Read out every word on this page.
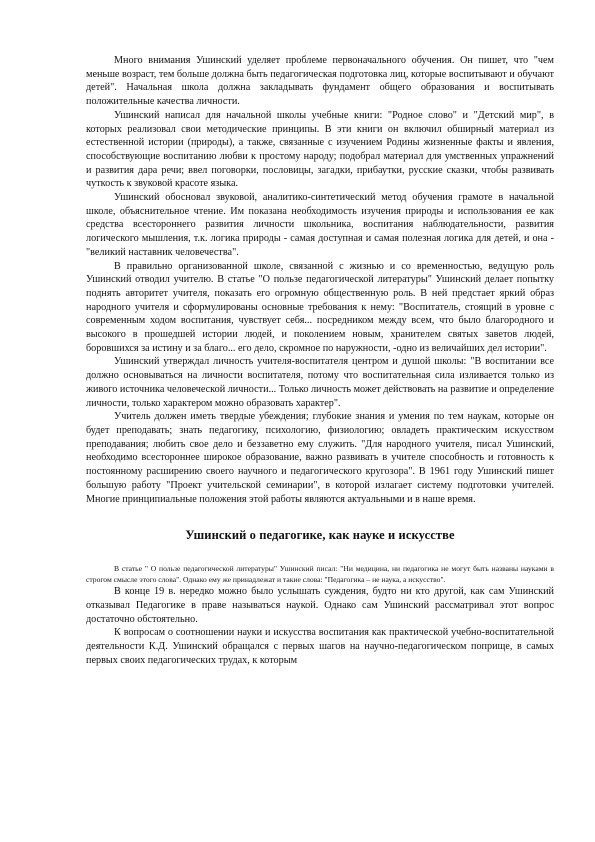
Много внимания Ушинский уделяет проблеме первоначального обучения. Он пишет, что "чем меньше возраст, тем больше должна быть педагогическая подготовка лиц, которые воспитывают и обучают детей". Начальная школа должна закладывать фундамент общего образования и воспитывать положительные качества личности.

Ушинский написал для начальной школы учебные книги: "Родное слово" и "Детский мир", в которых реализовал свои методические принципы. В эти книги он включил обширный материал из естественной истории (природы), а также, связанные с изучением Родины жизненные факты и явления, способствующие воспитанию любви к простому народу; подобрал материал для умственных упражнений и развития дара речи; ввел поговорки, пословицы, загадки, прибаутки, русские сказки, чтобы развивать чуткость к звуковой красоте языка.

Ушинский обосновал звуковой, аналитико-синтетический метод обучения грамоте в начальной школе, объяснительное чтение. Им показана необходимость изучения природы и использования ее как средства всестороннего развития личности школьника, воспитания наблюдательности, развития логического мышления, т.к. логика природы - самая доступная и самая полезная логика для детей, и она - "великий наставник человечества".

В правильно организованной школе, связанной с жизнью и со временностью, ведущую роль Ушинский отводил учителю. В статье "О пользе педагогической литературы" Ушинский делает попытку поднять авторитет учителя, показать его огромную общественную роль. В ней предстает яркий образ народного учителя и сформулированы основные требования к нему: "Воспитатель, стоящий в уровне с современным ходом воспитания, чувствует себя... посредником между всем, что было благородного и высокого в прошедшей истории людей, и поколением новым, хранителем святых заветов людей, боровшихся за истину и за благо... его дело, скромное по наружности, -одно из величайших дел истории".

Ушинский утверждал личность учителя-воспитателя центром и душой школы: "В воспитании все должно основываться на личности воспитателя, потому что воспитательная сила изливается только из живого источника человеческой личности... Только личность может действовать на развитие и определение личности, только характером можно образовать характер".

Учитель должен иметь твердые убеждения; глубокие знания и умения по тем наукам, которые он будет преподавать; знать педагогику, психологию, физиологию; овладеть практическим искусством преподавания; любить свое дело и беззаветно ему служить. "Для народного учителя, писал Ушинский, необходимо всестороннее широкое образование, важно развивать в учителе способность и готовность к постоянному расширению своего научного и педагогического кругозора". В 1961 году Ушинский пишет большую работу "Проект учительской семинарии", в которой излагает систему подготовки учителей. Многие принципиальные положения этой работы являются актуальными и в наше время.

Ушинский о педагогике, как науке и искусстве

В статье " О пользе педагогической литературы" Ушинский писал: "Ни медицина, ни педагогика не могут быть названы науками в строгом смысле этого слова". Однако ему же принадлежат и такие слова: "Педагогика – не наука, а искусство".

В конце 19 в. нередко можно было услышать суждения, будто ни кто другой, как сам Ушинский отказывал Педагогике в праве называться наукой. Однако сам Ушинский рассматривал этот вопрос достаточно обстоятельно.

К вопросам о соотношении науки и искусства воспитания как практической учебно-воспитательной деятельности К.Д. Ушинский обращался с первых шагов на научно-педагогическом поприще, в самых первых своих педагогических трудах, к которым
